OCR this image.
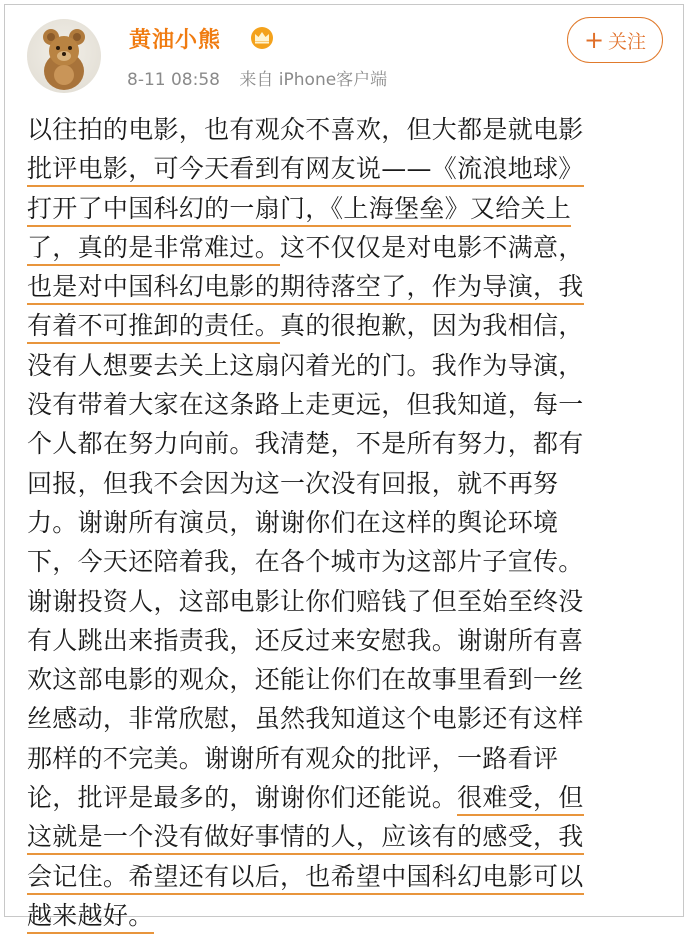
黄油小熊
8-11 08:58 来自 iPhone客户端
+ 关注
以往拍的电影，也有观众不喜欢，但大都是就电影
批评电影，可今天看到有网友说——《流浪地球》
打开了中国科幻的一扇门，《上海堡垒》又给关上
了，真的是非常难过。这不仅仅是对电影不满意，
也是对中国科幻电影的期待落空了，作为导演，我
有着不可推卸的责任。真的很抱歉，因为我相信，
没有人想要去关上这扇闪着光的门。我作为导演，
没有带着大家在这条路上走更远，但我知道，每一
个人都在努力向前。我清楚，不是所有努力，都有
回报，但我不会因为这一次没有回报，就不再努
力。谢谢所有演员，谢谢你们在这样的舆论环境
下，今天还陪着我，在各个城市为这部片子宣传。
谢谢投资人，这部电影让你们赔钱了但至始至终没
有人跳出来指责我，还反过来安慰我。谢谢所有喜
欢这部电影的观众，还能让你们在故事里看到一丝
丝感动，非常欣慰，虽然我知道这个电影还有这样
那样的不完美。谢谢所有观众的批评，一路看评
论，批评是最多的，谢谢你们还能说。很难受，但
这就是一个没有做好事情的人，应该有的感受，我
会记住。希望还有以后，也希望中国科幻电影可以
越来越好。
